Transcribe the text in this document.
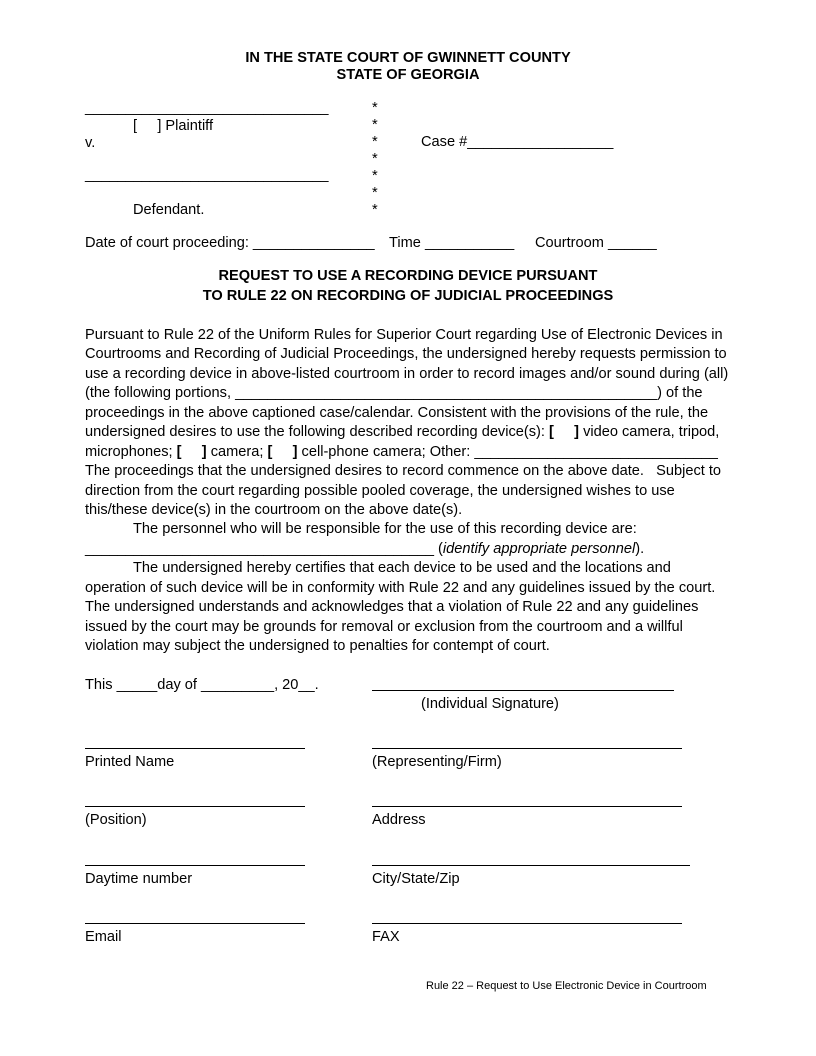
IN THE STATE COURT OF GWINNETT COUNTY
STATE OF GEORGIA
______________________________
[     ] Plaintiff
v.
______________________________
Defendant.
*
*
*
*
*
*
*
Case #__________________
Date of court proceeding: _______________ Time ___________ Courtroom ______
REQUEST TO USE A RECORDING DEVICE PURSUANT
TO RULE 22 ON RECORDING OF JUDICIAL PROCEEDINGS
Pursuant to Rule 22 of the Uniform Rules for Superior Court regarding Use of Electronic Devices in
Courtrooms and Recording of Judicial Proceedings, the undersigned hereby requests permission to
use a recording device in above-listed courtroom in order to record images and/or sound during (all)
(the following portions, ____________________________________________________) of the
proceedings in the above captioned case/calendar. Consistent with the provisions of the rule, the
undersigned desires to use the following described recording device(s): [     ] video camera, tripod,
microphones; [     ] camera; [     ] cell-phone camera; Other: ______________________________
The proceedings that the undersigned desires to record commence on the above date.   Subject to
direction from the court regarding possible pooled coverage, the undersigned wishes to use
this/these device(s) in the courtroom on the above date(s).
The personnel who will be responsible for the use of this recording device are:
___________________________________________ (identify appropriate personnel).
The undersigned hereby certifies that each device to be used and the locations and
operation of such device will be in conformity with Rule 22 and any guidelines issued by the court.
The undersigned understands and acknowledges that a violation of Rule 22 and any guidelines
issued by the court may be grounds for removal or exclusion from the courtroom and a willful
violation may subject the undersigned to penalties for contempt of court.
This _____day of _________, 20__.
(Individual Signature)
Printed Name	(Representing/Firm)
(Position)	Address
Daytime number	City/State/Zip
Email	FAX
Rule 22 – Request to Use Electronic Device in Courtroom
